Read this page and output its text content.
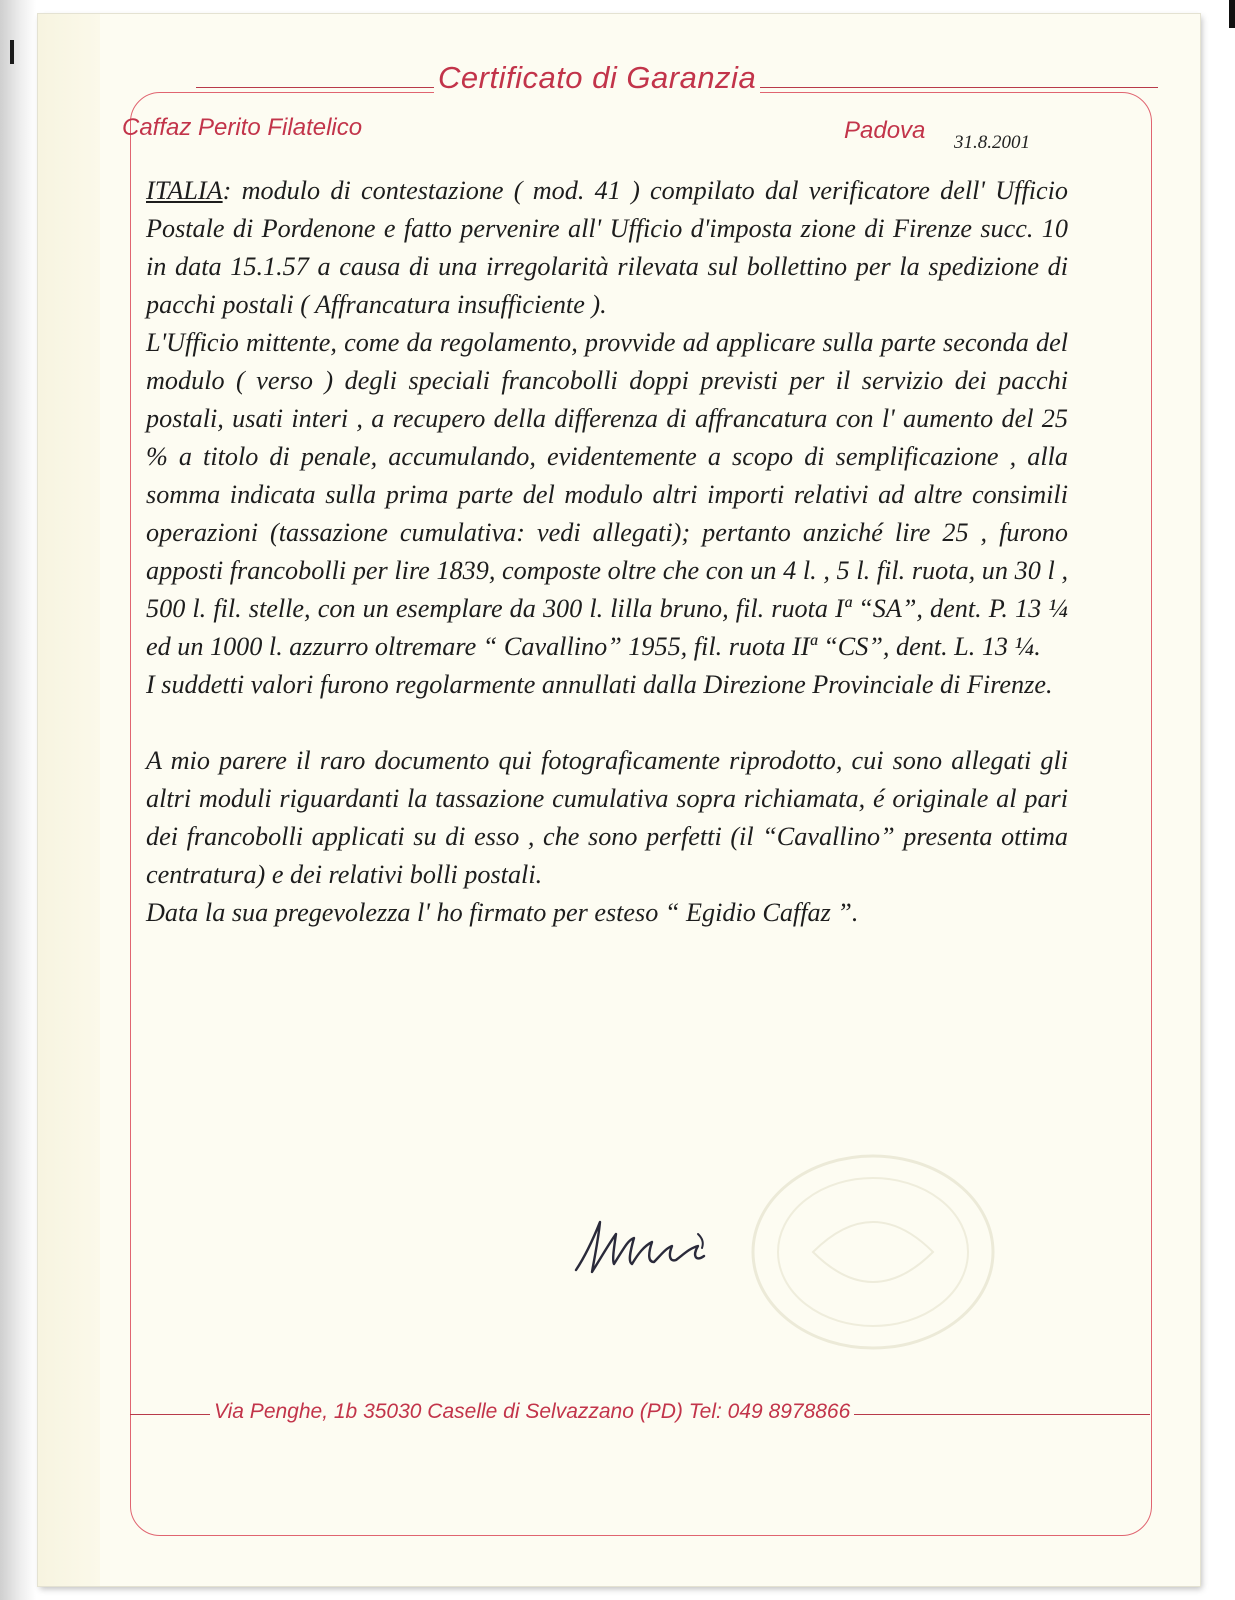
Certificato di Garanzia
Caffaz Perito Filatelico	Padova 31.8.2001

ITALIA: modulo di contestazione ( mod. 41 ) compilato dal verificatore dell' Ufficio Postale di Pordenone e fatto pervenire all' Ufficio d'imposta zione di Firenze succ. 10 in data 15.1.57 a causa di una irregolarità rilevata sul bollettino per la spedizione di pacchi postali ( Affrancatura insufficiente ).

L'Ufficio mittente, come da regolamento, provvide ad applicare sulla parte seconda del modulo ( verso ) degli speciali francobolli doppi previsti per il servizio dei pacchi postali, usati interi , a recupero della differenza di affrancatura con l' aumento del 25 % a titolo di penale, accumulando, evidentemente a scopo di semplificazione , alla somma indicata sulla prima parte del modulo altri importi relativi ad altre consimili operazioni (tassazione cumulativa: vedi allegati); pertanto anziché lire 25 , furono apposti francobolli per lire 1839, composte oltre che con un 4 l. , 5 l. fil. ruota, un 30 l , 500 l. fil. stelle, con un esemplare da 300 l. lilla bruno, fil. ruota Iª “SA”, dent. P. 13 ¼ ed un 1000 l. azzurro oltremare “ Cavallino” 1955, fil. ruota IIª “CS”, dent. L. 13 ¼.

I suddetti valori furono regolarmente annullati dalla Direzione Provinciale di Firenze.

A mio parere il raro documento qui fotograficamente riprodotto, cui sono allegati gli altri moduli riguardanti la tassazione cumulativa sopra richiamata, é originale al pari dei francobolli applicati su di esso , che sono perfetti (il “Cavallino” presenta ottima centratura) e dei relativi bolli postali.

Data la sua pregevolezza l' ho firmato per esteso “ Egidio Caffaz ”.

Via Penghe, 1b 35030 Caselle di Selvazzano (PD) Tel: 049 8978866
